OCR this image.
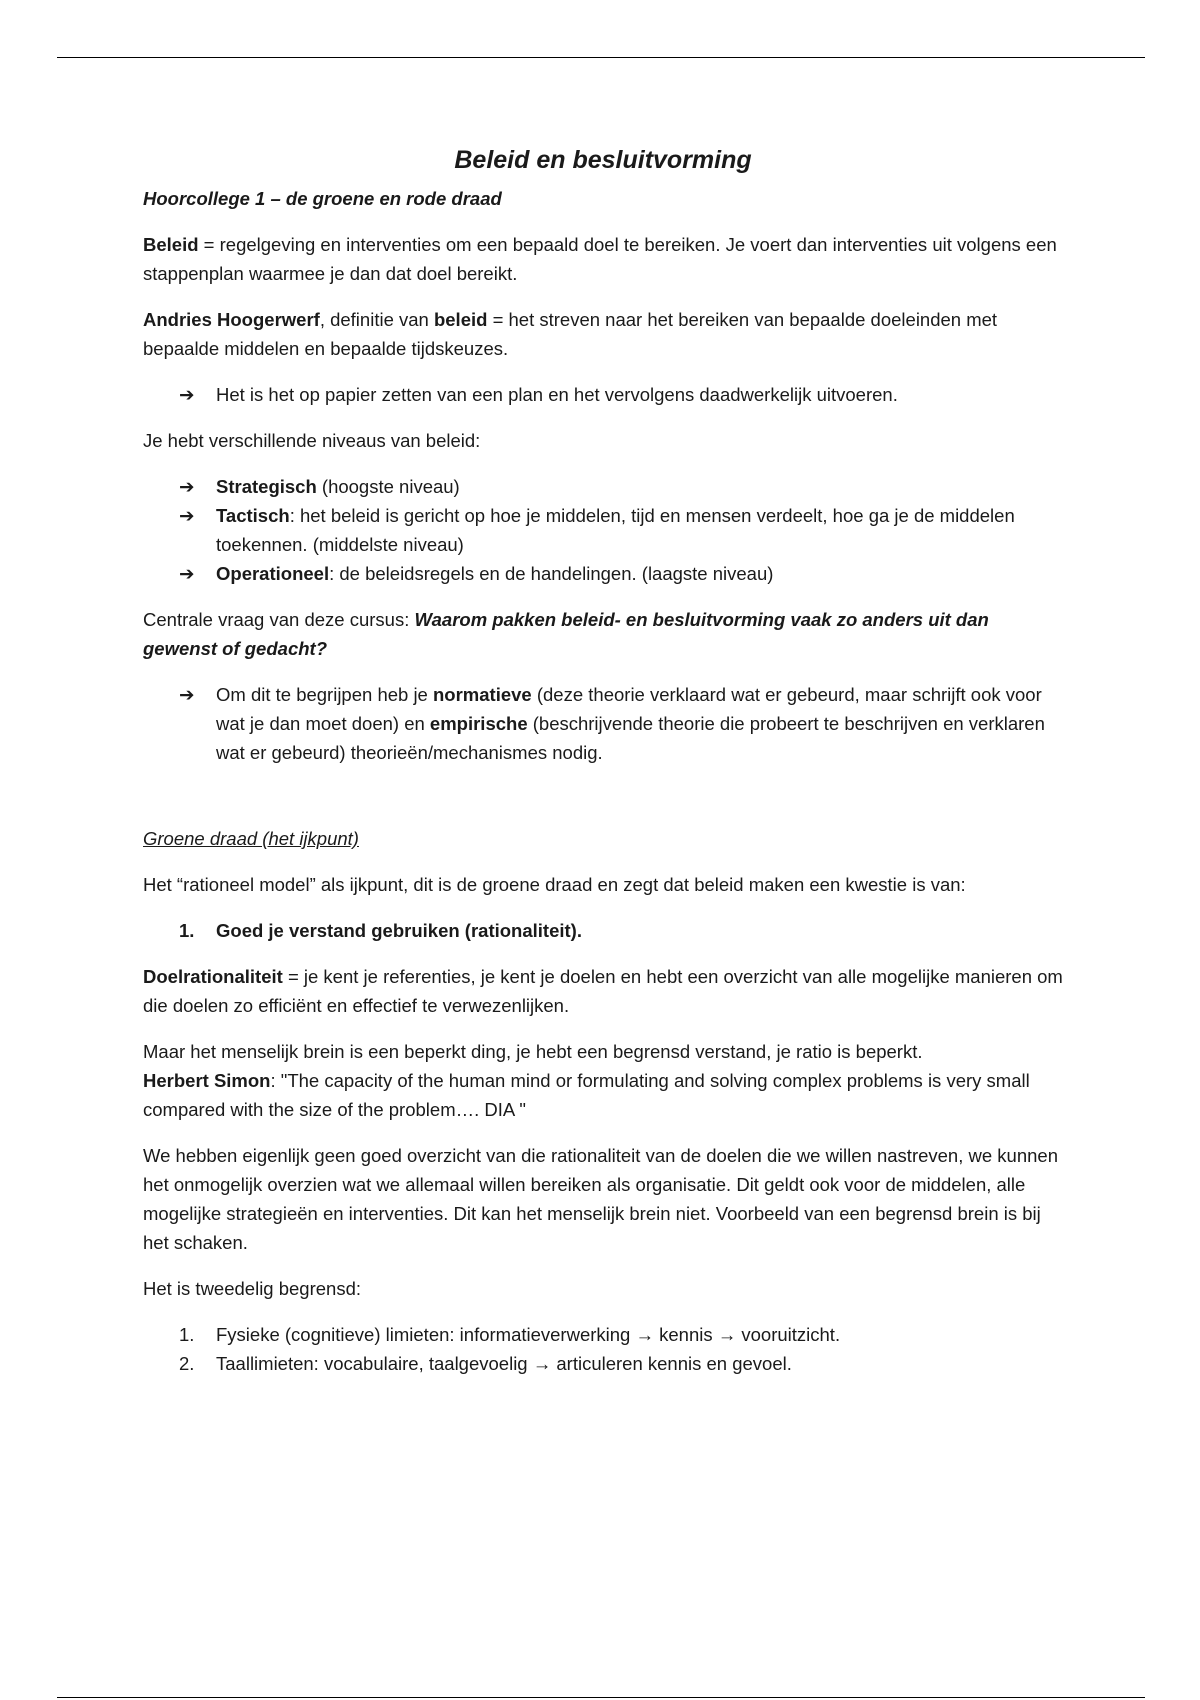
Beleid en besluitvorming

Hoorcollege 1 – de groene en rode draad

Beleid = regelgeving en interventies om een bepaald doel te bereiken. Je voert dan interventies uit volgens een stappenplan waarmee je dan dat doel bereikt.

Andries Hoogerwerf, definitie van beleid = het streven naar het bereiken van bepaalde doeleinden met bepaalde middelen en bepaalde tijdskeuzes.

➔ Het is het op papier zetten van een plan en het vervolgens daadwerkelijk uitvoeren.

Je hebt verschillende niveaus van beleid:

➔ Strategisch (hoogste niveau)
➔ Tactisch: het beleid is gericht op hoe je middelen, tijd en mensen verdeelt, hoe ga je de middelen toekennen. (middelste niveau)
➔ Operationeel: de beleidsregels en de handelingen. (laagste niveau)

Centrale vraag van deze cursus: Waarom pakken beleid- en besluitvorming vaak zo anders uit dan gewenst of gedacht?

➔ Om dit te begrijpen heb je normatieve (deze theorie verklaard wat er gebeurd, maar schrijft ook voor wat je dan moet doen) en empirische (beschrijvende theorie die probeert te beschrijven en verklaren wat er gebeurd) theorieën/mechanismes nodig.

Groene draad (het ijkpunt)

Het “rationeel model” als ijkpunt, dit is de groene draad en zegt dat beleid maken een kwestie is van:

1. Goed je verstand gebruiken (rationaliteit).

Doelrationaliteit = je kent je referenties, je kent je doelen en hebt een overzicht van alle mogelijke manieren om die doelen zo efficiënt en effectief te verwezenlijken.

Maar het menselijk brein is een beperkt ding, je hebt een begrensd verstand, je ratio is beperkt.
Herbert Simon: "The capacity of the human mind or formulating and solving complex problems is very small compared with the size of the problem…. DIA "

We hebben eigenlijk geen goed overzicht van die rationaliteit van de doelen die we willen nastreven, we kunnen het onmogelijk overzien wat we allemaal willen bereiken als organisatie. Dit geldt ook voor de middelen, alle mogelijke strategieën en interventies. Dit kan het menselijk brein niet. Voorbeeld van een begrensd brein is bij het schaken.

Het is tweedelig begrensd:

1. Fysieke (cognitieve) limieten: informatieverwerking → kennis → vooruitzicht.
2. Taallimieten: vocabulaire, taalgevoelig → articuleren kennis en gevoel.
